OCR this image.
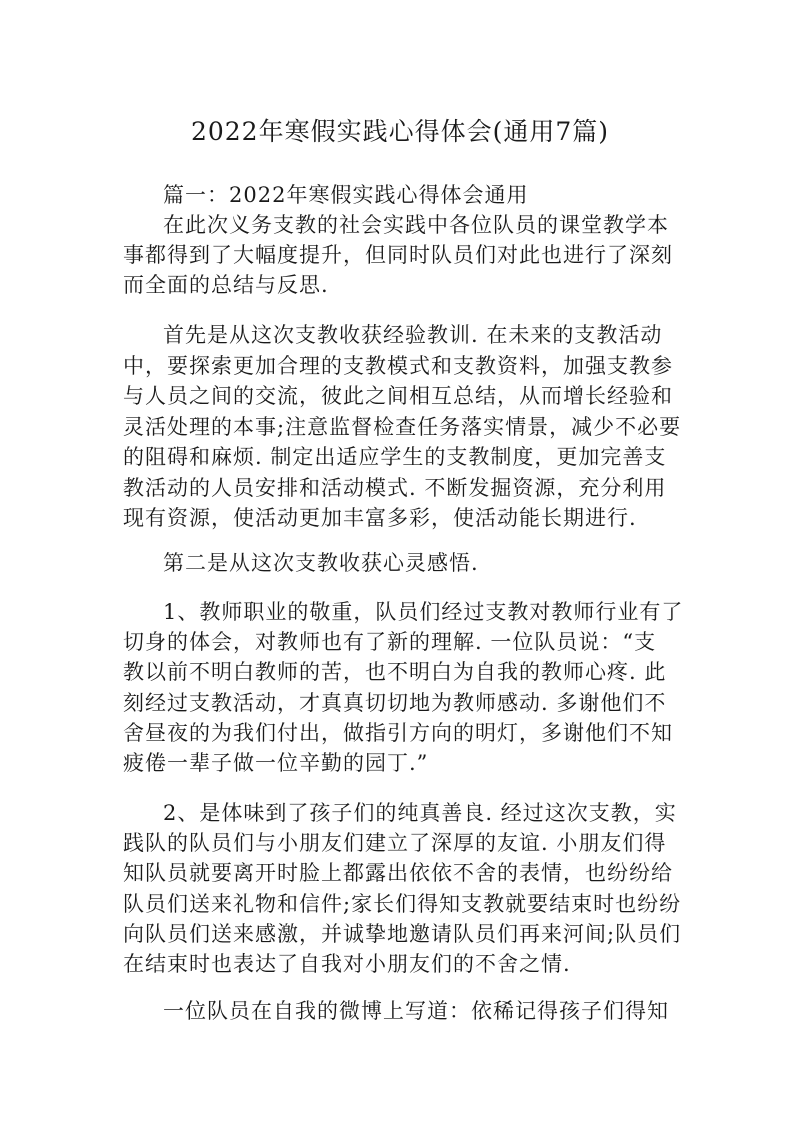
2022年寒假实践心得体会(通用7篇)
篇一：2022年寒假实践心得体会通用
在此次义务支教的社会实践中各位队员的课堂教学本
事都得到了大幅度提升，但同时队员们对此也进行了深刻
而全面的总结与反思.
首先是从这次支教收获经验教训. 在未来的支教活动
中，要探索更加合理的支教模式和支教资料，加强支教参
与人员之间的交流，彼此之间相互总结，从而增长经验和
灵活处理的本事;注意监督检查任务落实情景，减少不必要
的阻碍和麻烦. 制定出适应学生的支教制度，更加完善支
教活动的人员安排和活动模式. 不断发掘资源，充分利用
现有资源，使活动更加丰富多彩，使活动能长期进行.
第二是从这次支教收获心灵感悟.
1、教师职业的敬重，队员们经过支教对教师行业有了
切身的体会，对教师也有了新的理解. 一位队员说：“支
教以前不明白教师的苦，也不明白为自我的教师心疼. 此
刻经过支教活动，才真真切切地为教师感动. 多谢他们不
舍昼夜的为我们付出，做指引方向的明灯，多谢他们不知
疲倦一辈子做一位辛勤的园丁.”
2、是体味到了孩子们的纯真善良. 经过这次支教，实
践队的队员们与小朋友们建立了深厚的友谊. 小朋友们得
知队员就要离开时脸上都露出依依不舍的表情，也纷纷给
队员们送来礼物和信件;家长们得知支教就要结束时也纷纷
向队员们送来感激，并诚挚地邀请队员们再来河间;队员们
在结束时也表达了自我对小朋友们的不舍之情.
一位队员在自我的微博上写道：依稀记得孩子们得知
